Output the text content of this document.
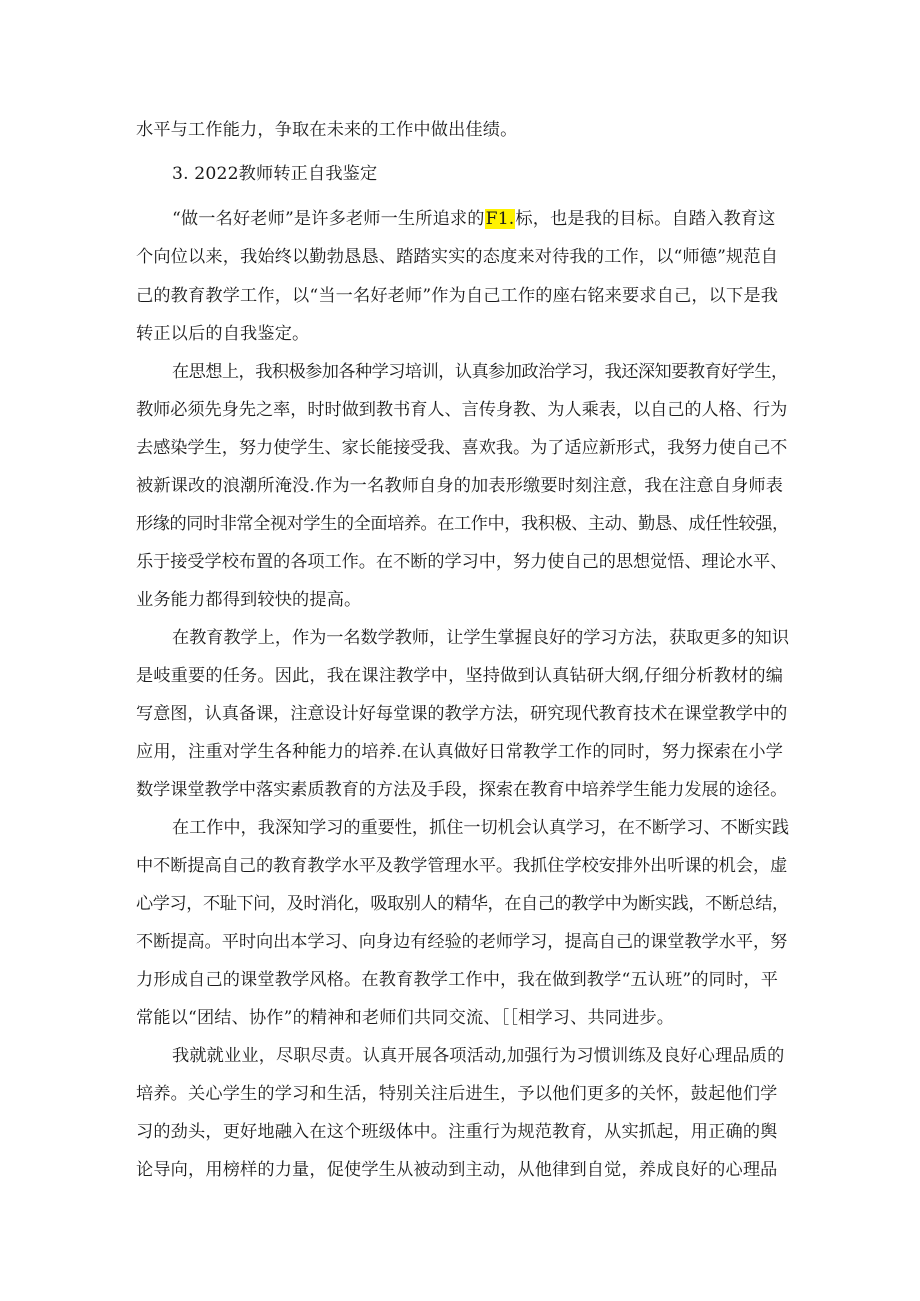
水平与工作能力，争取在未来的工作中做出佳绩。
3. 2022教师转正自我鉴定
“做一名好老师”是许多老师一生所追求的F1.标，也是我的目标。自踏入教育这
个向位以来，我始终以勤勃恳恳、踏踏实实的态度来对待我的工作，以“师德”规范自
己的教育教学工作，以“当一名好老师”作为自己工作的座右铭来要求自己，以下是我
转正以后的自我鉴定。
在思想上，我积极参加各种学习培训，认真参加政治学习，我还深知要教育好学生，
教师必须先身先之率，时时做到教书育人、言传身教、为人乘表，以自己的人格、行为
去感染学生，努力使学生、家长能接受我、喜欢我。为了适应新形式，我努力使自己不
被新课改的浪潮所淹没.作为一名教师自身的加表形缴要时刻注意，我在注意自身师表
形缘的同时非常全视对学生的全面培养。在工作中，我积极、主动、勤恳、成任性较强，
乐于接受学校布置的各项工作。在不断的学习中，努力使自己的思想觉悟、理论水平、
业务能力都得到较快的提高。
在教育教学上，作为一名数学教师，让学生掌握良好的学习方法，获取更多的知识
是岐重要的任务。因此，我在课注教学中，坚持做到认真钻研大纲,仔细分析教材的编
写意图，认真备课，注意设计好每堂课的教学方法，研究现代教育技术在课堂教学中的
应用，注重对学生各种能力的培养.在认真做好日常教学工作的同时，努力探索在小学
数学课堂教学中落实素质教育的方法及手段，探索在教育中培养学生能力发展的途径。
在工作中，我深知学习的重要性，抓住一切机会认真学习，在不断学习、不断实践
中不断提高自己的教育教学水平及教学管理水平。我抓住学校安排外出听课的机会，虚
心学习，不耻下问，及时消化，吸取别人的精华，在自己的教学中为断实践，不断总结，
不断提高。平时向出本学习、向身边有经验的老师学习，提高自己的课堂教学水平，努
力形成自己的课堂教学风格。在教育教学工作中，我在做到教学“五认班”的同时，平
常能以“团结、协作”的精神和老师们共同交流、［［相学习、共同进步。
我就就业业，尽职尽责。认真开展各项活动,加强行为习惯训练及良好心理品质的
培养。关心学生的学习和生活，特别关注后进生，予以他们更多的关怀，鼓起他们学
习的劲头，更好地融入在这个班级体中。注重行为规范教育，从实抓起，用正确的舆
论导向，用榜样的力量，促使学生从被动到主动，从他律到自觉，养成良好的心理品
